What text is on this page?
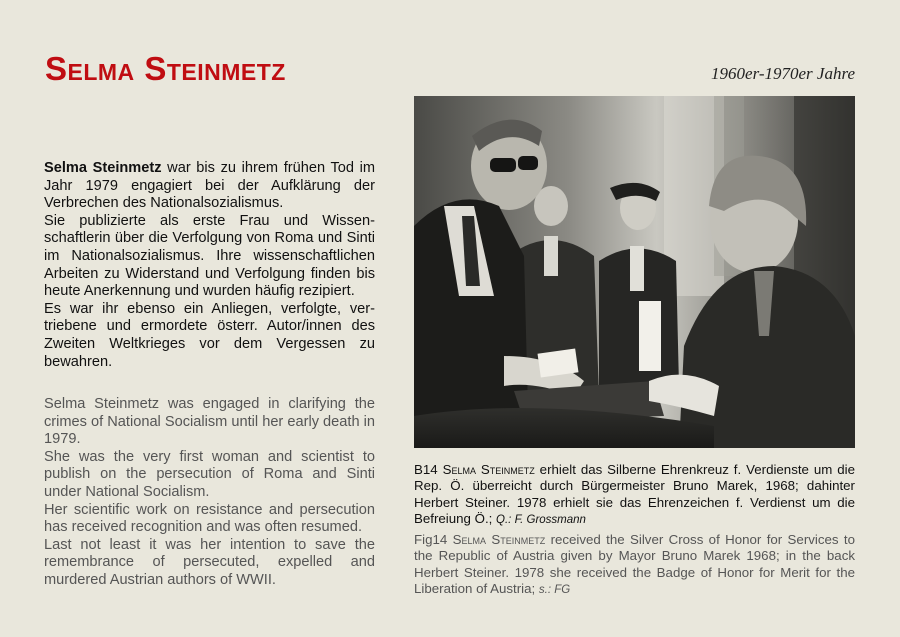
Selma Steinmetz	1960er-1970er Jahre

Selma Steinmetz war bis zu ihrem frühen Tod im Jahr 1979 engagiert bei der Aufklärung der Verbrechen des Nationalsozialismus.

Sie publizierte als erste Frau und Wissenschaftlerin über die Verfolgung von Roma und Sinti im Nationalsozialismus. Ihre wissenschaftlichen Arbeiten zu Widerstand und Verfolgung finden bis heute Anerkennung und wurden häufig rezipiert.

Es war ihr ebenso ein Anliegen, verfolgte, vertriebene und ermordete österr. Autor/innen des Zweiten Weltkrieges vor dem Vergessen zu bewahren.

Selma Steinmetz was engaged in clarifying the crimes of National Socialism until her early death in 1979.

She was the very first woman and scientist to publish on the persecution of Roma and Sinti under National Socialism.

Her scientific work on resistance and persecution has received recognition and was often resumed.

Last not least it was her intention to save the remembrance of persecuted, expelled and murdered Austrian authors of WWII.

B14 Selma Steinmetz erhielt das Silberne Ehrenkreuz f. Verdienste um die Rep. Ö. überreicht durch Bürgermeister Bruno Marek, 1968; dahinter Herbert Steiner. 1978 erhielt sie das Ehrenzeichen f. Verdienst um die Befreiung Ö.; Q.: F. Grossmann
Fig14 Selma Steinmetz received the Silver Cross of Honor for Services to the Republic of Austria given by Mayor Bruno Marek 1968; in the back Herbert Steiner. 1978 she received the Badge of Honor for Merit for the Liberation of Austria; s.: FG
